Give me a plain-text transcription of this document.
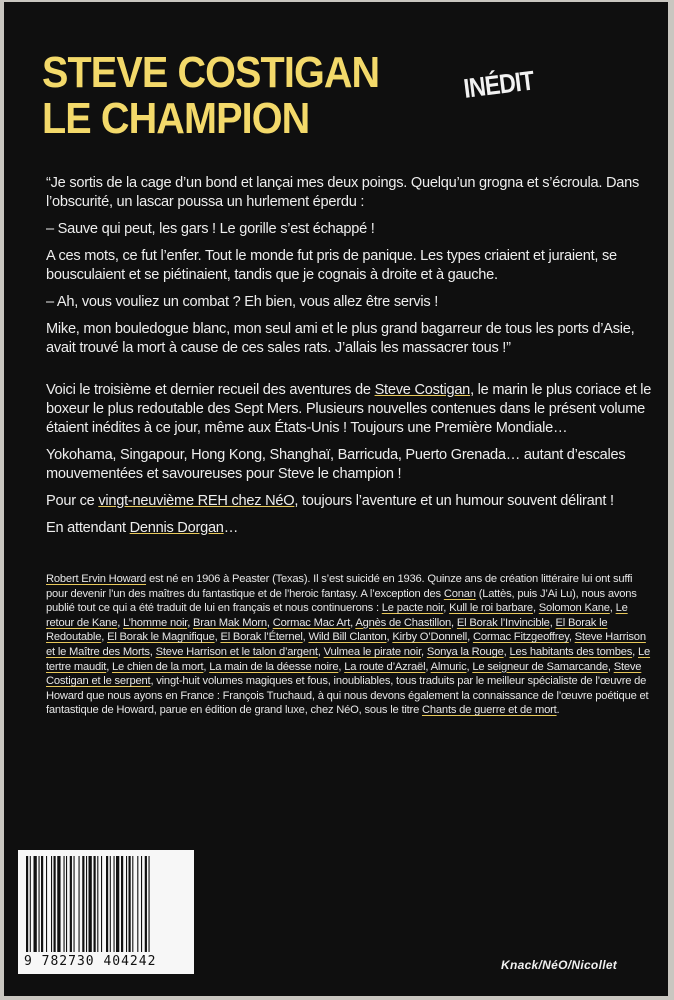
STEVE COSTIGAN
LE CHAMPION
INÉDIT

“Je sortis de la cage d’un bond et lançai mes deux poings. Quelqu’un grogna et s’écroula. Dans l’obscurité, un lascar poussa un hurlement éperdu :

– Sauve qui peut, les gars ! Le gorille s’est échappé !

A ces mots, ce fut l’enfer. Tout le monde fut pris de panique. Les types criaient et juraient, se bousculaient et se piétinaient, tandis que je cognais à droite et à gauche.

– Ah, vous vouliez un combat ? Eh bien, vous allez être servis !

Mike, mon bouledogue blanc, mon seul ami et le plus grand bagarreur de tous les ports d’Asie, avait trouvé la mort à cause de ces sales rats. J’allais les massacrer tous !”

Voici le troisième et dernier recueil des aventures de Steve Costigan, le marin le plus coriace et le boxeur le plus redoutable des Sept Mers. Plusieurs nouvelles contenues dans le présent volume étaient inédites à ce jour, même aux États-Unis ! Toujours une Première Mondiale…

Yokohama, Singapour, Hong Kong, Shanghaï, Barricuda, Puerto Grenada… autant d’escales mouvementées et savoureuses pour Steve le champion !

Pour ce vingt-neuvième REH chez NéO, toujours l’aventure et un humour souvent délirant !

En attendant Dennis Dorgan…

Robert Ervin Howard est né en 1906 à Peaster (Texas). Il s’est suicidé en 1936. Quinze ans de création littéraire lui ont suffi pour devenir l’un des maîtres du fantastique et de l’heroic fantasy. A l’exception des Conan (Lattès, puis J’Ai Lu), nous avons publié tout ce qui a été traduit de lui en français et nous continuerons : Le pacte noir, Kull le roi barbare, Solomon Kane, Le retour de Kane, L’homme noir, Bran Mak Morn, Cormac Mac Art, Agnès de Chastillon, El Borak l’Invincible, El Borak le Redoutable, El Borak le Magnifique, El Borak l’Éternel, Wild Bill Clanton, Kirby O’Donnell, Cormac Fitzgeoffrey, Steve Harrison et le Maître des Morts, Steve Harrison et le talon d’argent, Vulmea le pirate noir, Sonya la Rouge, Les habitants des tombes, Le tertre maudit, Le chien de la mort, La main de la déesse noire, La route d’Azraël, Almuric, Le seigneur de Samarcande, Steve Costigan et le serpent, vingt-huit volumes magiques et fous, inoubliables, tous traduits par le meilleur spécialiste de l’œuvre de Howard que nous ayons en France : François Truchaud, à qui nous devons également la connaissance de l’œuvre poétique et fantastique de Howard, parue en édition de grand luxe, chez NéO, sous le titre Chants de guerre et de mort.
9 782730 404242	Knack/NéO/Nicollet
